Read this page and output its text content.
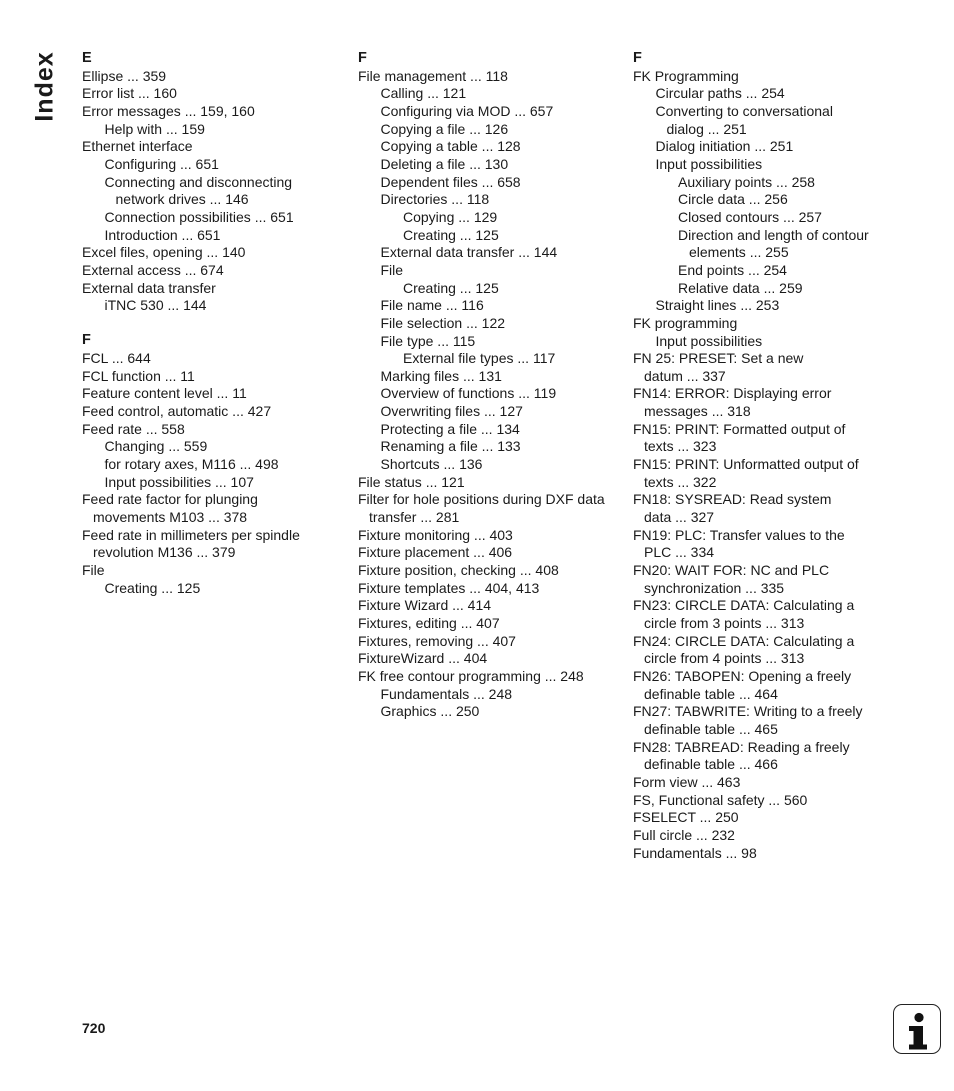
Index E
Ellipse ... 359
Error list ... 160
Error messages ... 159, 160
Help with ... 159
Ethernet interface
Configuring ... 651
Connecting and disconnecting
network drives ... 146
Connection possibilities ... 651
Introduction ... 651
Excel files, opening ... 140
External access ... 674
External data transfer
iTNC 530 ... 144
F
FCL ... 644
FCL function ... 11
Feature content level ... 11
Feed control, automatic ... 427
Feed rate ... 558
Changing ... 559
for rotary axes, M116 ... 498
Input possibilities ... 107
Feed rate factor for plunging
movements M103 ... 378
Feed rate in millimeters per spindle
revolution M136 ... 379
File
Creating ... 125
F
File management ... 118
Calling ... 121
Configuring via MOD ... 657
Copying a file ... 126
Copying a table ... 128
Deleting a file ... 130
Dependent files ... 658
Directories ... 118
Copying ... 129
Creating ... 125
External data transfer ... 144
File
Creating ... 125
File name ... 116
File selection ... 122
File type ... 115
External file types ... 117
Marking files ... 131
Overview of functions ... 119
Overwriting files ... 127
Protecting a file ... 134
Renaming a file ... 133
Shortcuts ... 136
File status ... 121
Filter for hole positions during DXF data
transfer ... 281
Fixture monitoring ... 403
Fixture placement ... 406
Fixture position, checking ... 408
Fixture templates ... 404, 413
Fixture Wizard ... 414
Fixtures, editing ... 407
Fixtures, removing ... 407
FixtureWizard ... 404
FK free contour programming ... 248
Fundamentals ... 248
Graphics ... 250
F
FK Programming
Circular paths ... 254
Converting to conversational
dialog ... 251
Dialog initiation ... 251
Input possibilities
Auxiliary points ... 258
Circle data ... 256
Closed contours ... 257
Direction and length of contour
elements ... 255
End points ... 254
Relative data ... 259
Straight lines ... 253
FK programming
Input possibilities
FN 25: PRESET: Set a new
datum ... 337
FN14: ERROR: Displaying error
messages ... 318
FN15: PRINT: Formatted output of
texts ... 323
FN15: PRINT: Unformatted output of
texts ... 322
FN18: SYSREAD: Read system
data ... 327
FN19: PLC: Transfer values to the
PLC ... 334
FN20: WAIT FOR: NC and PLC
synchronization ... 335
FN23: CIRCLE DATA: Calculating a
circle from 3 points ... 313
FN24: CIRCLE DATA: Calculating a
circle from 4 points ... 313
FN26: TABOPEN: Opening a freely
definable table ... 464
FN27: TABWRITE: Writing to a freely
definable table ... 465
FN28: TABREAD: Reading a freely
definable table ... 466
Form view ... 463
FS, Functional safety ... 560
FSELECT ... 250
Full circle ... 232
Fundamentals ... 98
720
